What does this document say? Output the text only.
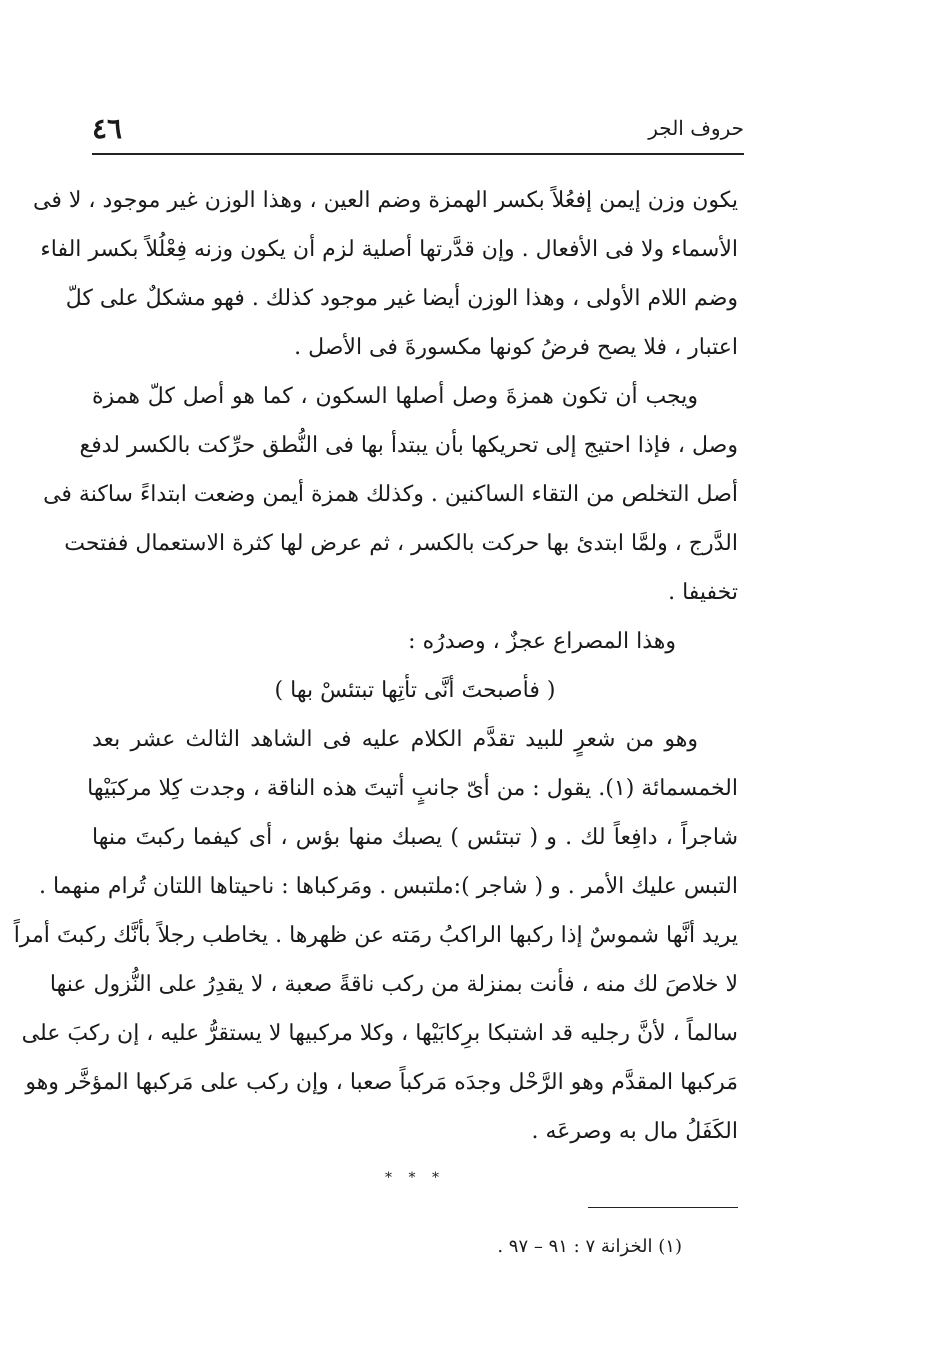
حروف الجر
٤٦
يكون وزن إيمن إفعُلاً بكسر الهمزة وضم العين ، وهذا الوزن غير موجود ، لا فى
الأسماء ولا فى الأفعال . وإن قدَّرتها أصلية لزم أن يكون وزنه فِعْلُلاً بكسر الفاء
وضم اللام الأولى ، وهذا الوزن أيضا غير موجود كذلك . فهو مشكلٌ على كلّ
اعتبار ، فلا يصح فرضُ كونها مكسورةَ فى الأصل .
ويجب أن تكون همزةَ وصل أصلها السكون ، كما هو أصل كلّ همزة
وصل ، فإذا احتيج إلى تحريكها بأن يبتدأ بها فى النُّطق حرِّكت بالكسر لدفع
أصل التخلص من التقاء الساكنين . وكذلك همزة أيمن وضعت ابتداءً ساكنة فى
الدَّرج ، ولمَّا ابتدئ بها حركت بالكسر ، ثم عرض لها كثرة الاستعمال ففتحت
تخفيفا .
وهذا المصراع عجزٌ ، وصدرُه :
( فأصبحتَ أنَّى تأتِها تبتئسْ بها )
وهو من شعرٍ للبيد تقدَّم الكلام عليه فى الشاهد الثالث عشر بعد
الخمسمائة (١). يقول : من أىّ جانبٍ أتيتَ هذه الناقة ، وجدت كِلا مركبَيْها
شاجراً ، دافِعاً لك . و ( تبتئس ) يصبك منها بؤس ، أى كيفما ركبتَ منها
التبس عليك الأمر . و ( شاجر ):ملتبس . ومَركباها : ناحيتاها اللتان تُرام منهما .
يريد أنَّها شموسٌ إذا ركبها الراكبُ رمَته عن ظهرها . يخاطب رجلاً بأنَّك ركبتَ أمراً
لا خلاصَ لك منه ، فأنت بمنزلة من ركب ناقةً صعبة ، لا يقدِرُ على النُّزول عنها
سالماً ، لأنَّ رجليه قد اشتبكا برِكابَيْها ، وكلا مركبيها لا يستقرُّ عليه ، إن ركبَ على
مَركبها المقدَّم وهو الرَّحْل وجدَه مَركباً صعبا ، وإن ركب على مَركبها المؤخَّر وهو
الكَفَلُ مال به وصرعَه .
* * *
(١) الخزانة ٧ : ٩١ – ٩٧ .
